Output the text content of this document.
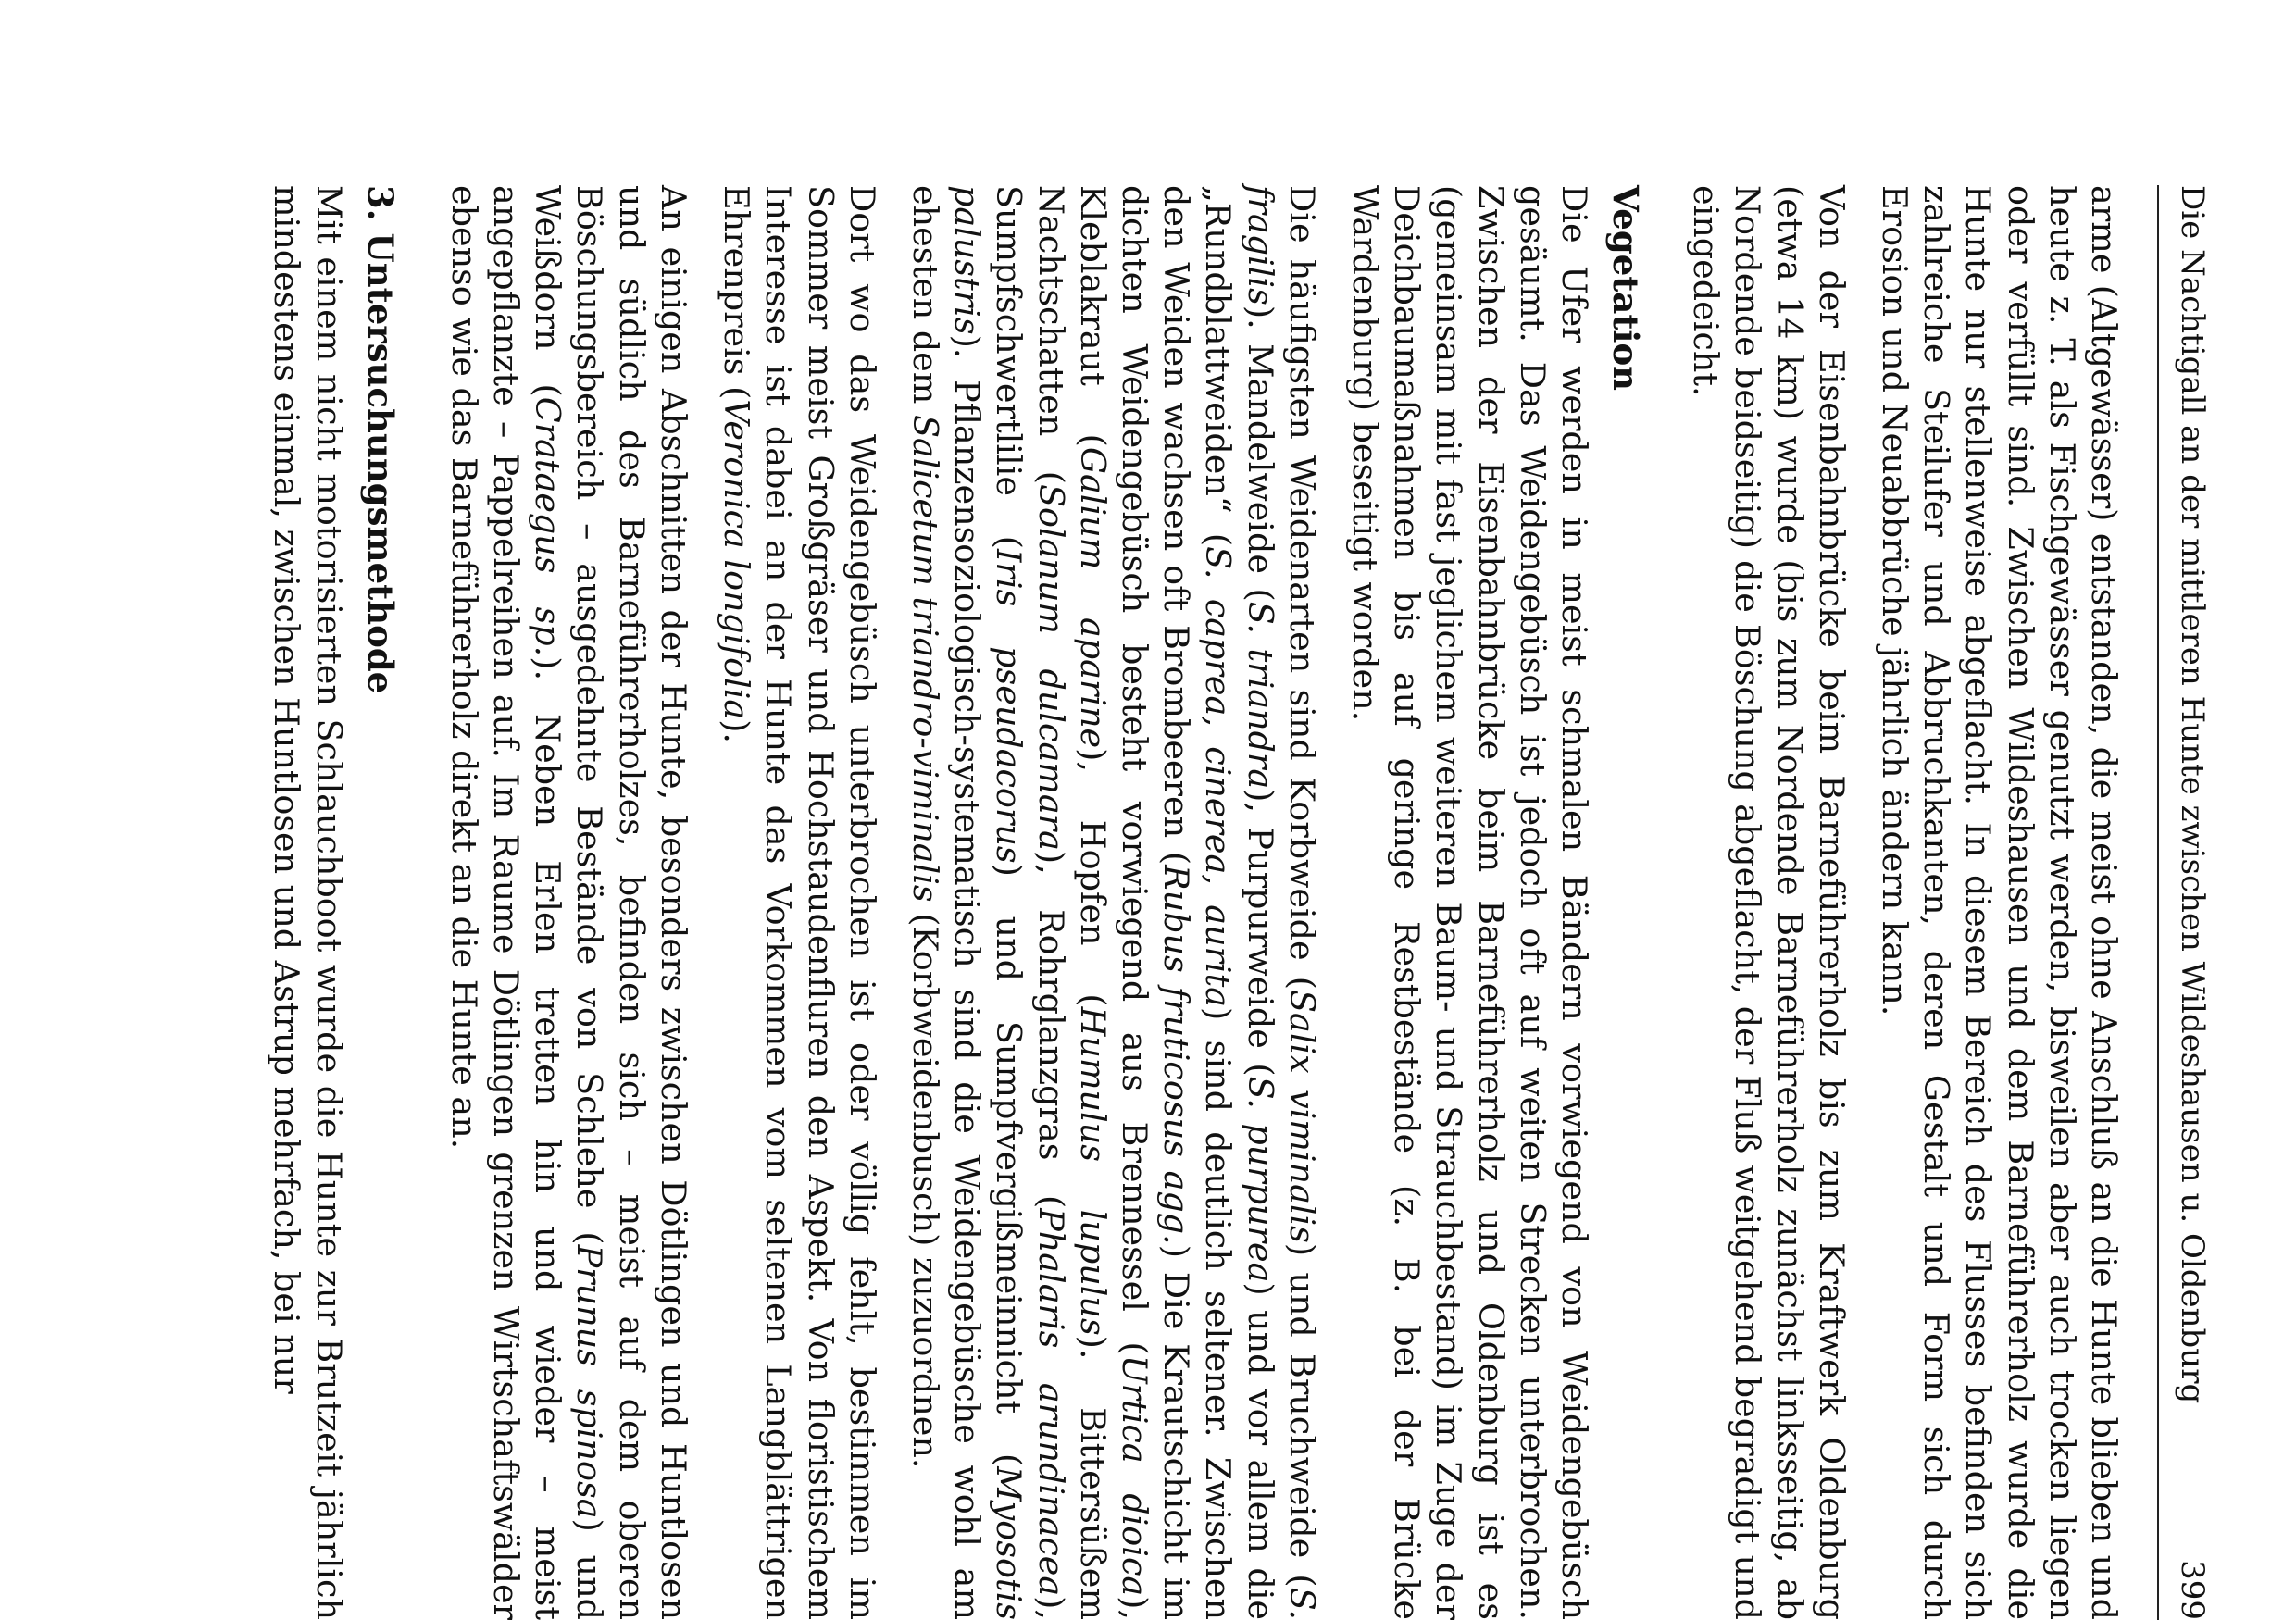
Die Nachtigall an der mittleren Hunte zwischen Wildeshausen u. Oldenburg
399

arme (Altgewässer) entstanden, die meist ohne Anschluß an die Hunte blieben und heute z. T. als Fischgewässer genutzt werden, bisweilen aber auch trocken liegen oder verfüllt sind. Zwischen Wildeshausen und dem Barneführerholz wurde die Hunte nur stellenweise abgeflacht. In diesem Bereich des Flusses befinden sich zahlreiche Steilufer und Abbruchkanten, deren Gestalt und Form sich durch Erosion und Neuabbrüche jährlich ändern kann.

Von der Eisenbahnbrücke beim Barneführerholz bis zum Kraftwerk Oldenburg (etwa 14 km) wurde (bis zum Nordende Barneführerholz zunächst linksseitig, ab Nordende beidseitig) die Böschung abgeflacht, der Fluß weitgehend begradigt und eingedeicht.

Vegetation

Die Ufer werden in meist schmalen Bändern vorwiegend von Weidengebüsch gesäumt. Das Weidengebüsch ist jedoch oft auf weiten Strecken unterbrochen. Zwischen der Eisenbahnbrücke beim Barneführerholz und Oldenburg ist es (gemeinsam mit fast jeglichem weiteren Baum- und Strauchbestand) im Zuge der Deichbaumaßnahmen bis auf geringe Restbestände (z. B. bei der Brücke Wardenburg) beseitigt worden.

Die häufigsten Weidenarten sind Korbweide (Salix viminalis) und Bruchweide (S. fragilis). Mandelweide (S. triandra), Purpurweide (S. purpurea) und vor allem die „Rundblattweiden“ (S. caprea, cinerea, aurita) sind deutlich seltener. Zwischen den Weiden wachsen oft Brombeeren (Rubus fruticosus agg.) Die Krautschicht im dichten Weidengebüsch besteht vorwiegend aus Brennessel (Urtica dioica), Kleblakraut (Galium aparine), Hopfen (Humulus lupulus). Bittersüßem Nachtschatten (Solanum dulcamara), Rohrglanzgras (Phalaris arundinacea), Sumpfschwertlilie (Iris pseudacorus) und Sumpfvergißmeinnicht (Myosotis palustris). Pflanzensoziologisch-systematisch sind die Weidengebüsche wohl am ehesten dem Salicetum triandro-viminalis (Korbweidenbusch) zuzuordnen.

Dort wo das Weidengebüsch unterbrochen ist oder völlig fehlt, bestimmen im Sommer meist Großgräser und Hochstaudenfluren den Aspekt. Von floristischem Interesse ist dabei an der Hunte das Vorkommen vom seltenen Langblättrigen Ehrenpreis (Veronica longifolia).

An einigen Abschnitten der Hunte, besonders zwischen Dötlingen und Huntlosen und südlich des Barneführerholzes, befinden sich – meist auf dem oberen Böschungsbereich – ausgedehnte Bestände von Schlehe (Prunus spinosa) und Weißdorn (Crataegus sp.). Neben Erlen tretten hin und wieder – meist angepflanzte – Pappelreihen auf. Im Raume Dötlingen grenzen Wirtschaftswälder ebenso wie das Barneführerholz direkt an die Hunte an.

3. Untersuchungsmethode

Mit einem nicht motorisierten Schlauchboot wurde die Hunte zur Brutzeit jährlich mindestens einmal, zwischen Huntlosen und Astrup mehrfach, bei nur
